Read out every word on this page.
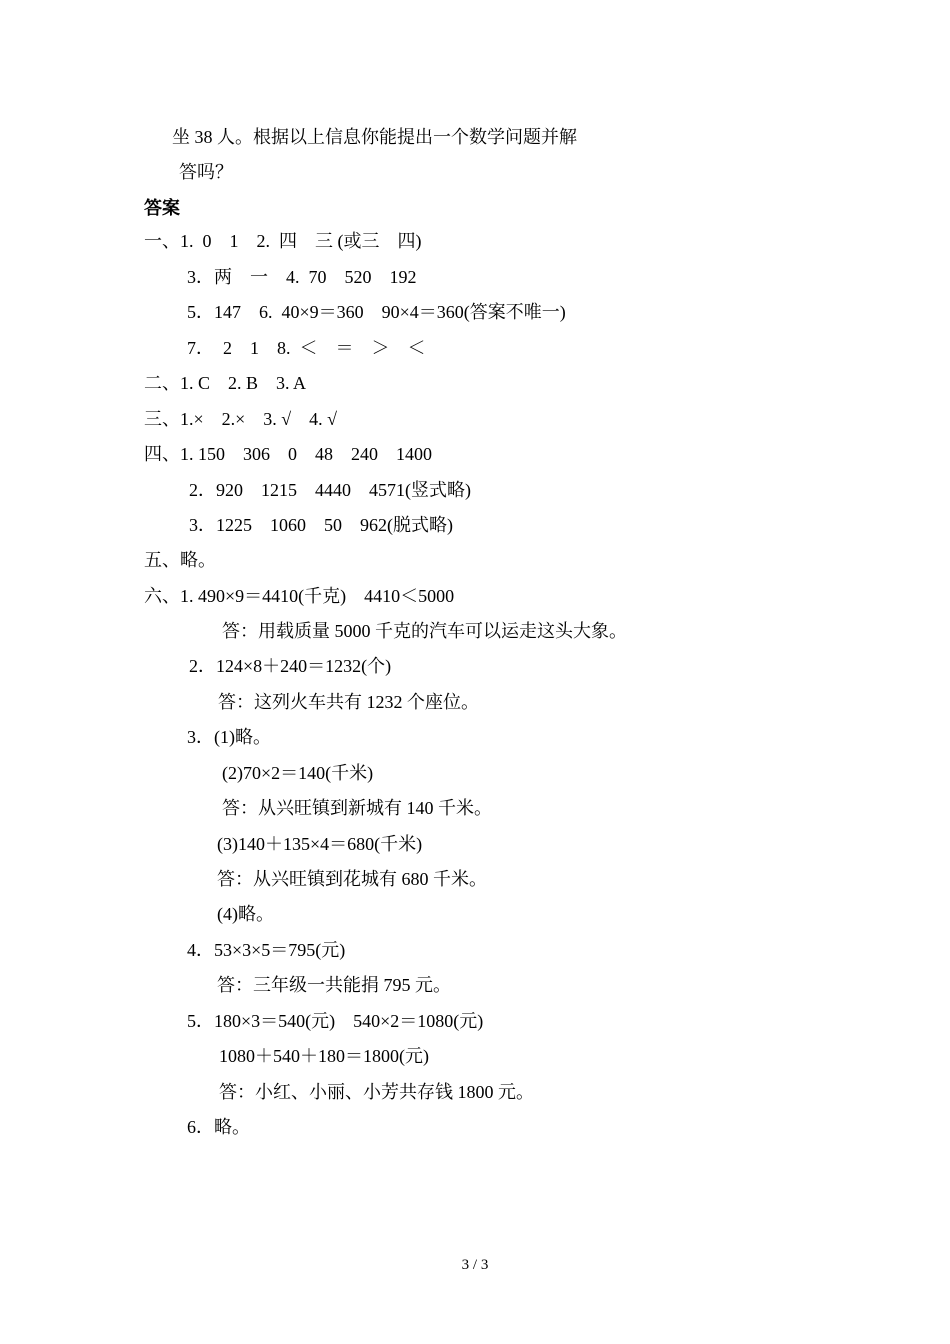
坐 38 人。根据以上信息你能提出一个数学问题并解
答吗？
答案
一、1.  0    1    2.  四    三 (或三    四)
3．两    一    4.  70    520    192
5．147    6.  40×9＝360    90×4＝360(答案不唯一)
7．  2    1    8.  ＜    ＝    ＞    ＜
二、1. C    2. B    3. A
三、1.×    2.×    3. √    4. √
四、1. 150    306    0    48    240    1400
2．920    1215    4440    4571(竖式略)
3．1225    1060    50    962(脱式略)
五、略。
六、1. 490×9＝4410(千克)    4410＜5000
答：用载质量 5000 千克的汽车可以运走这头大象。
2．124×8＋240＝1232(个)
答：这列火车共有 1232 个座位。
3．(1)略。
(2)70×2＝140(千米)
答：从兴旺镇到新城有 140 千米。
(3)140＋135×4＝680(千米)
答：从兴旺镇到花城有 680 千米。
(4)略。
4．53×3×5＝795(元)
答：三年级一共能捐 795 元。
5．180×3＝540(元)    540×2＝1080(元)
1080＋540＋180＝1800(元)
答：小红、小丽、小芳共存钱 1800 元。
6．略。
3 / 3
